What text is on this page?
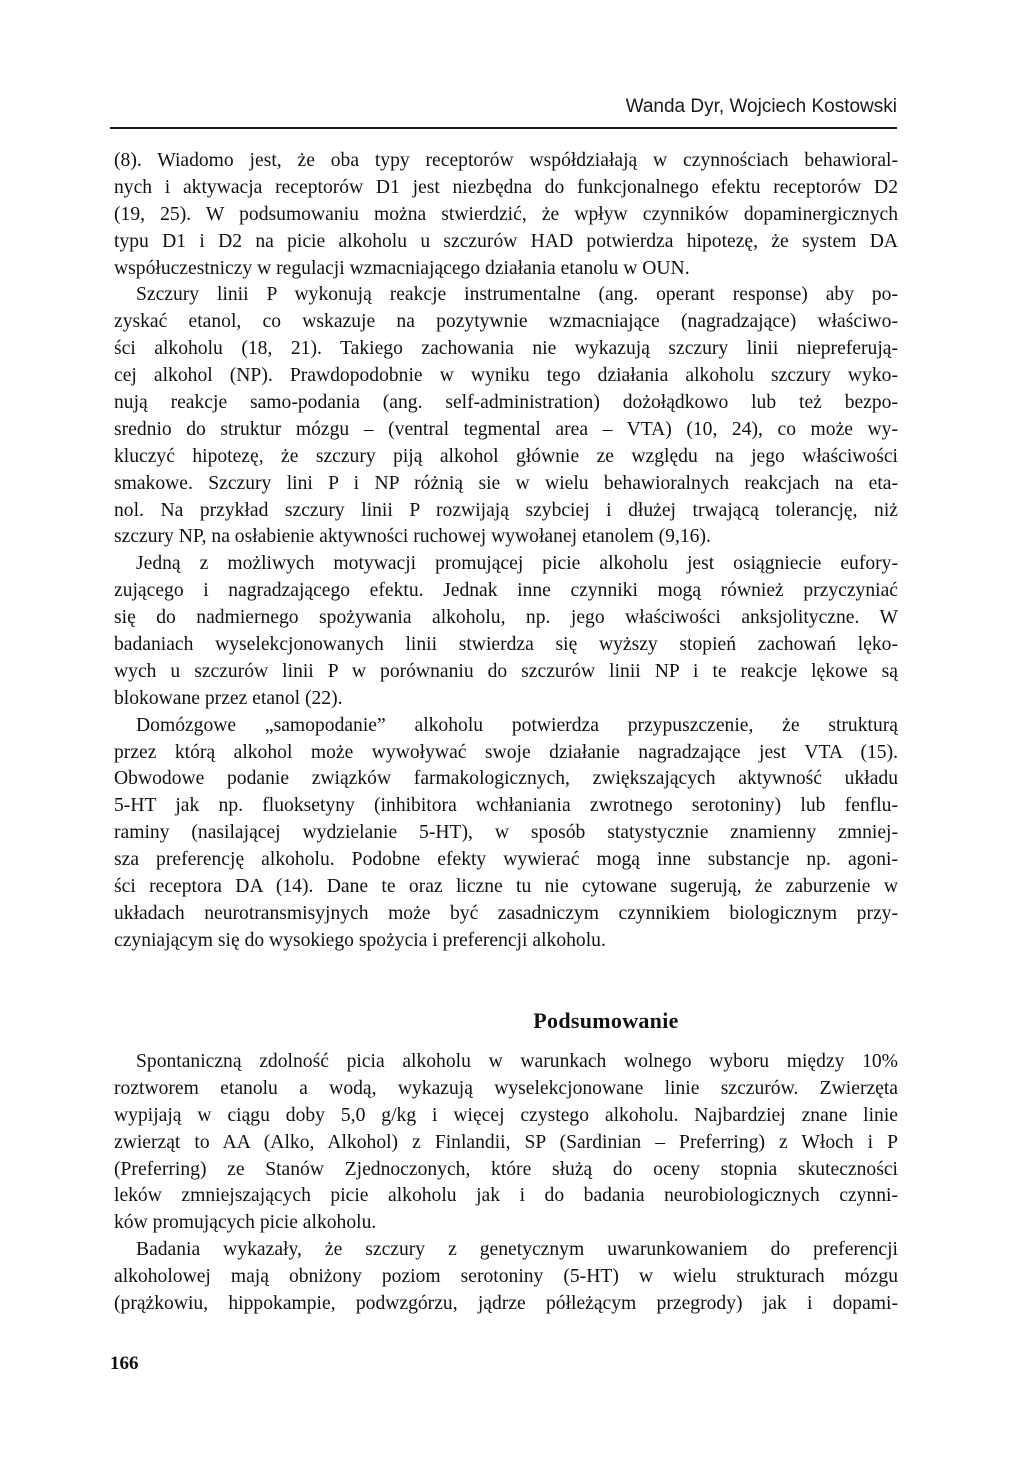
Wanda Dyr, Wojciech Kostowski
(8). Wiadomo jest, że oba typy receptorów współdziałają w czynnościach behawioral-
nych i aktywacja receptorów D1 jest niezbędna do funkcjonalnego efektu receptorów D2
(19, 25). W podsumowaniu można stwierdzić, że wpływ czynników dopaminergicznych
typu D1 i D2 na picie alkoholu u szczurów HAD potwierdza hipotezę, że system DA
współuczestniczy w regulacji wzmacniającego działania etanolu w OUN.
Szczury linii P wykonują reakcje instrumentalne (ang. operant response) aby po-
zyskać etanol, co wskazuje na pozytywnie wzmacniające (nagradzające) właściwo-
ści alkoholu (18, 21). Takiego zachowania nie wykazują szczury linii niepreferują-
cej alkohol (NP). Prawdopodobnie w wyniku tego działania alkoholu szczury wyko-
nują reakcje samo-podania (ang. self-administration) dożołądkowo lub też bezpo-
srednio do struktur mózgu – (ventral tegmental area – VTA) (10, 24), co może wy-
kluczyć hipotezę, że szczury piją alkohol głównie ze względu na jego właściwości
smakowe. Szczury lini P i NP różnią sie w wielu behawioralnych reakcjach na eta-
nol. Na przykład szczury linii P rozwijają szybciej i dłużej trwającą tolerancję, niż
szczury NP, na osłabienie aktywności ruchowej wywołanej etanolem (9,16).
Jedną z możliwych motywacji promującej picie alkoholu jest osiągniecie eufory-
zującego i nagradzającego efektu. Jednak inne czynniki mogą również przyczyniać
się do nadmiernego spożywania alkoholu, np. jego właściwości anksjolityczne. W
badaniach wyselekcjonowanych linii stwierdza się wyższy stopień zachowań lęko-
wych u szczurów linii P w porównaniu do szczurów linii NP i te reakcje lękowe są
blokowane przez etanol (22).
Domózgowe „samopodanie” alkoholu potwierdza przypuszczenie, że strukturą
przez którą alkohol może wywoływać swoje działanie nagradzające jest VTA (15).
Obwodowe podanie związków farmakologicznych, zwiększających aktywność układu
5-HT jak np. fluoksetyny (inhibitora wchłaniania zwrotnego serotoniny) lub fenflu-
raminy (nasilającej wydzielanie 5-HT), w sposób statystycznie znamienny zmniej-
sza preferencję alkoholu. Podobne efekty wywierać mogą inne substancje np. agoni-
ści receptora DA (14). Dane te oraz liczne tu nie cytowane sugerują, że zaburzenie w
układach neurotransmisyjnych może być zasadniczym czynnikiem biologicznym przy-
czyniającym się do wysokiego spożycia i preferencji alkoholu.
Podsumowanie
Spontaniczną zdolność picia alkoholu w warunkach wolnego wyboru między 10%
roztworem etanolu a wodą, wykazują wyselekcjonowane linie szczurów. Zwierzęta
wypijają w ciągu doby 5,0 g/kg i więcej czystego alkoholu. Najbardziej znane linie
zwierząt to AA (Alko, Alkohol) z Finlandii, SP (Sardinian – Preferring) z Włoch i P
(Preferring) ze Stanów Zjednoczonych, które służą do oceny stopnia skuteczności
leków zmniejszających picie alkoholu jak i do badania neurobiologicznych czynni-
ków promujących picie alkoholu.
Badania wykazały, że szczury z genetycznym uwarunkowaniem do preferencji
alkoholowej mają obniżony poziom serotoniny (5-HT) w wielu strukturach mózgu
(prążkowiu, hippokampie, podwzgórzu, jądrze półleżącym przegrody) jak i dopami-
166
